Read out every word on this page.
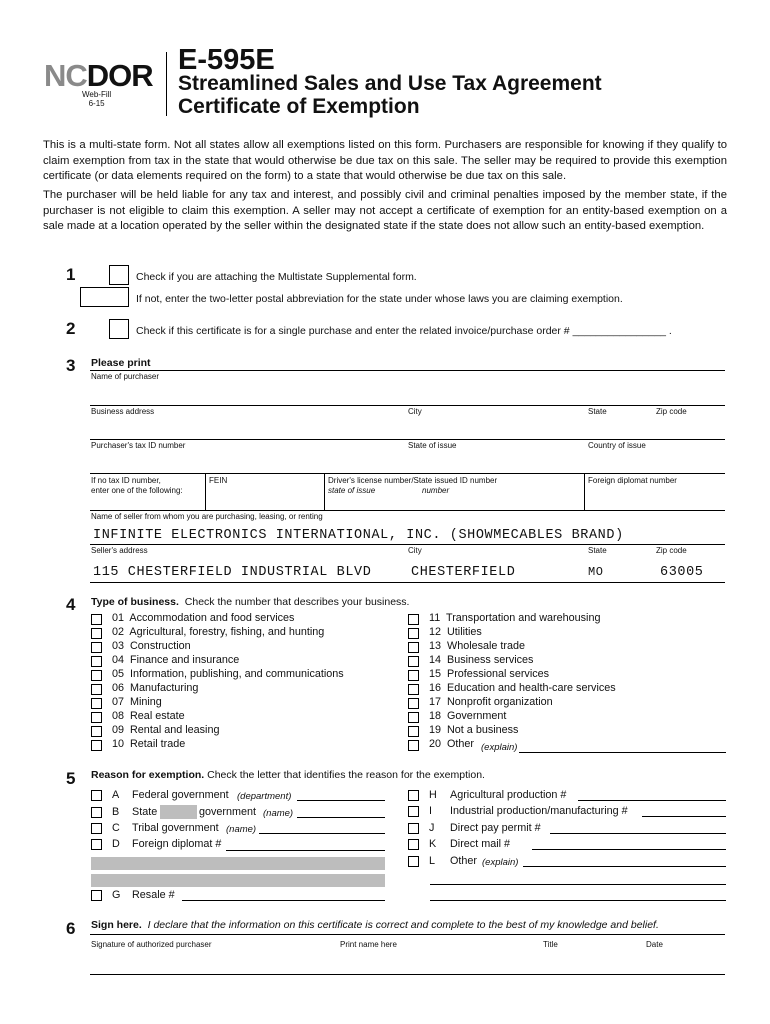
NCDOR
Web-Fill
6-15
E-595E
Streamlined Sales and Use Tax Agreement
Certificate of Exemption
This is a multi-state form. Not all states allow all exemptions listed on this form. Purchasers are responsible for knowing if they qualify to claim exemption from tax in the state that would otherwise be due tax on this sale. The seller may be required to provide this exemption certificate (or data elements required on the form) to a state that would otherwise be due tax on this sale.
The purchaser will be held liable for any tax and interest, and possibly civil and criminal penalties imposed by the member state, if the purchaser is not eligible to claim this exemption. A seller may not accept a certificate of exemption for an entity-based exemption on a sale made at a location operated by the seller within the designated state if the state does not allow such an entity-based exemption.
1	Check if you are attaching the Multistate Supplemental form.
If not, enter the two-letter postal abbreviation for the state under whose laws you are claiming exemption.
2	Check if this certificate is for a single purchase and enter the related invoice/purchase order # ________________ .
3 Please print
Name of purchaser
Business address	City	State	Zip code
Purchaser's tax ID number	State of issue	Country of issue
If no tax ID number,
enter one of the following:
FEIN	Driver's license number/State issued ID number
state of issue	number
Foreign diplomat number
Name of seller from whom you are purchasing, leasing, or renting
INFINITE ELECTRONICS INTERNATIONAL, INC. (SHOWMECABLES BRAND)
Seller's address	City	State	Zip code
115 CHESTERFIELD INDUSTRIAL BLVD	CHESTERFIELD	MO	63005
4 Type of business. Check the number that describes your business.
(explain)
5 Reason for exemption. Check the letter that identifies the reason for the exemption.
A Federal government (department)
B State	government (name)
C Tribal government (name)
D Foreign diplomat #
G Resale #
H Agricultural production #
I Industrial production/manufacturing #
J Direct pay permit #
K Direct mail #
L Other (explain)
6 Sign here. I declare that the information on this certificate is correct and complete to the best of my knowledge and belief.
Signature of authorized purchaser	Print name here	Title	Date
01  Accommodation and food services
02  Agricultural, forestry, fishing, and hunting
03  Construction
04  Finance and insurance
05  Information, publishing, and communications
06  Manufacturing
07  Mining
08  Real estate
09  Rental and leasing
10  Retail trade
11  Transportation and warehousing
12  Utilities
13  Wholesale trade
14  Business services
15  Professional services
16  Education and health-care services
17  Nonprofit organization
18  Government
19  Not a business
20  Other
